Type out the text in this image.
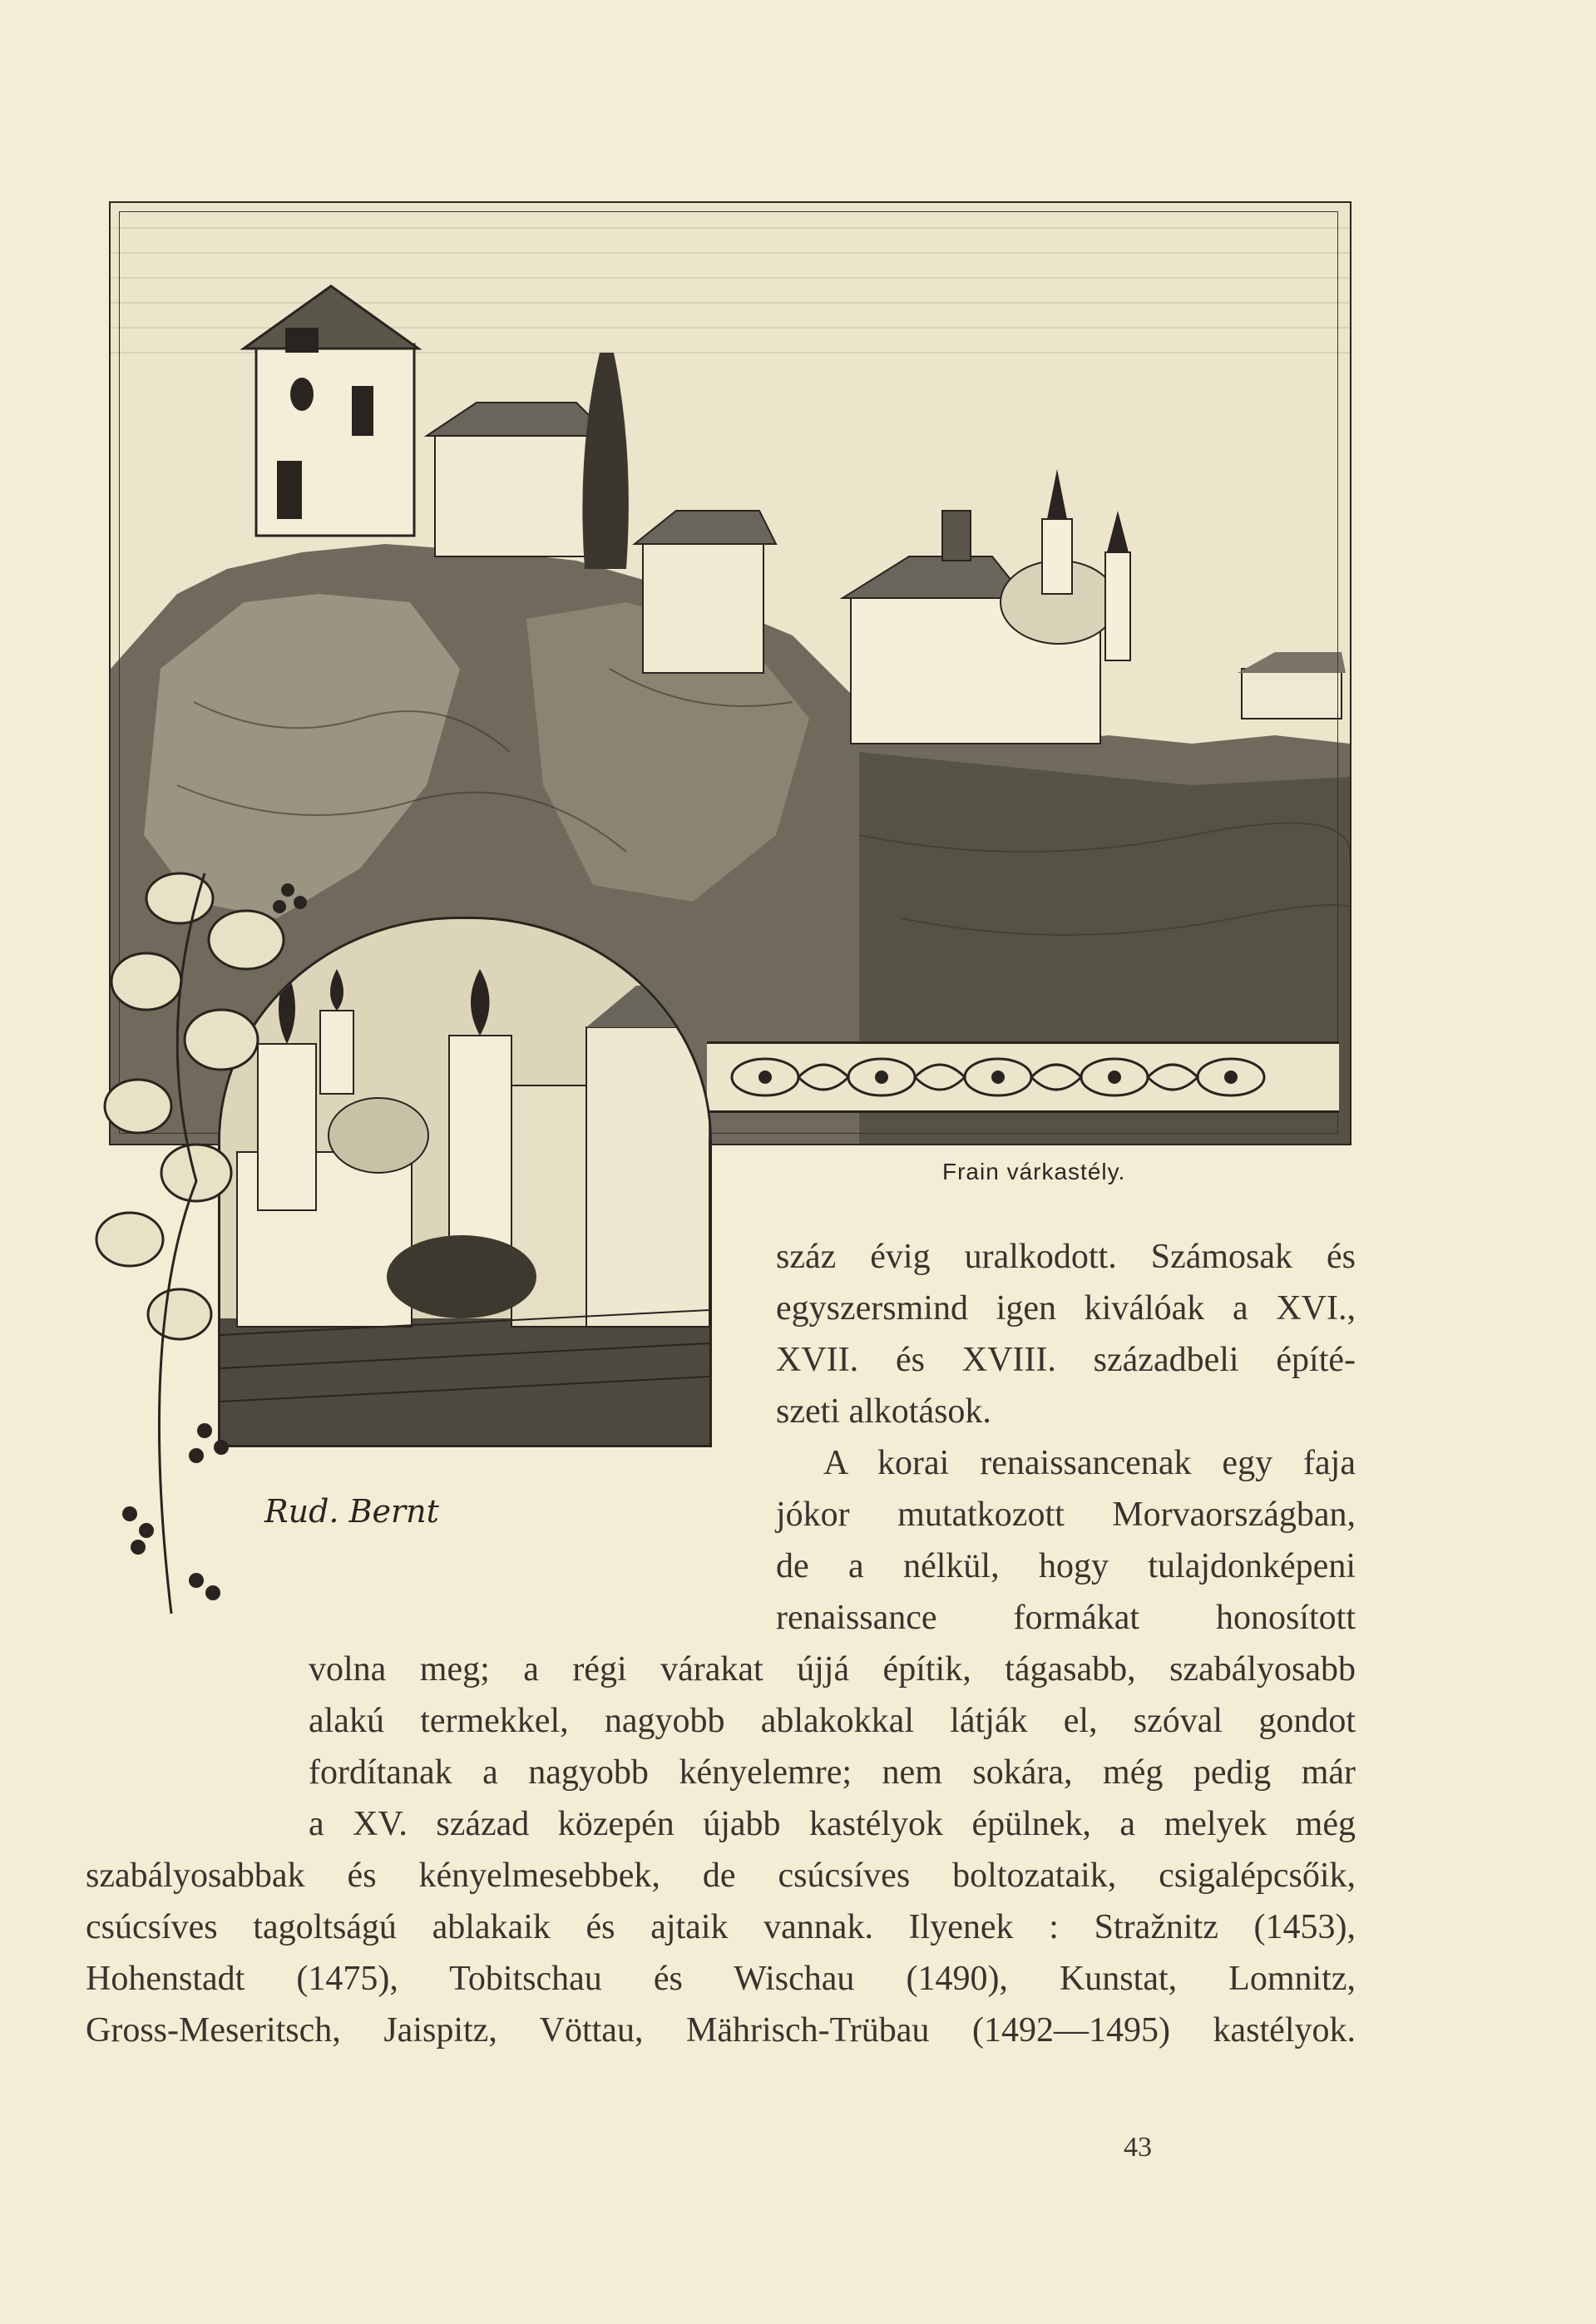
Rud. Bernt
Frain várkastély.

száz évig uralkodott. Számosak és

egyszersmind igen kiválóak a XVI.,

XVII. és XVIII. századbeli építé-

szeti alkotások.

A korai renaissancenak egy faja

jókor mutatkozott Morvaországban,

de a nélkül, hogy tulajdonképeni

renaissance formákat honosított

volna meg; a régi várakat újjá építik, tágasabb, szabályosabb

alakú termekkel, nagyobb ablakokkal látják el, szóval gondot

fordítanak a nagyobb kényelemre; nem sokára, még pedig már

a XV. század közepén újabb kastélyok épülnek, a melyek még

szabályosabbak és kényelmesebbek, de csúcsíves boltozataik, csigalépcsőik,

csúcsíves tagoltságú ablakaik és ajtaik vannak. Ilyenek : Stražnitz (1453),

Hohenstadt (1475), Tobitschau és Wischau (1490), Kunstat, Lomnitz,

Gross-Meseritsch, Jaispitz, Vöttau, Mährisch-Trübau (1492—1495) kastélyok.

43
